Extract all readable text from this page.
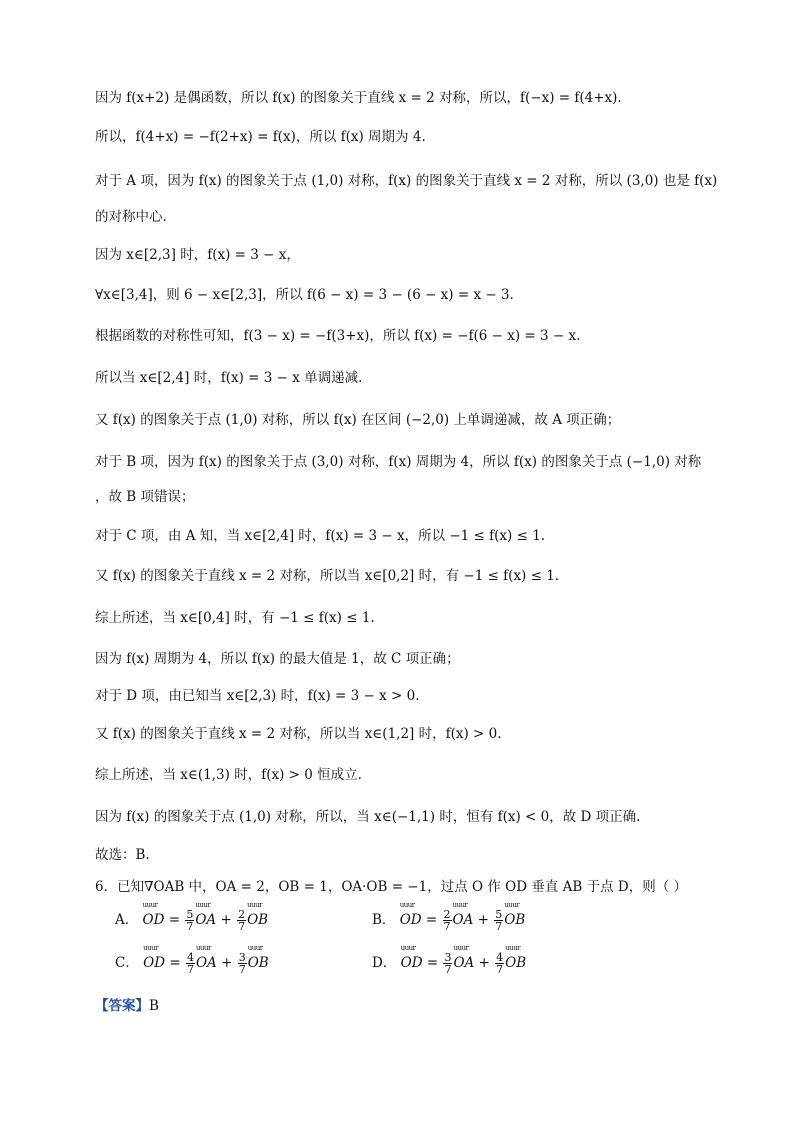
因为 f(x+2) 是偶函数，所以 f(x) 的图象关于直线 x = 2 对称，所以，f(−x) = f(4+x).
所以，f(4+x) = −f(2+x) = f(x)，所以 f(x) 周期为 4.
对于 A 项，因为 f(x) 的图象关于点 (1,0) 对称，f(x) 的图象关于直线 x = 2 对称，所以 (3,0) 也是 f(x)
的对称中心.
因为 x∈[2,3] 时，f(x) = 3 − x，
∀x∈[3,4]，则 6 − x∈[2,3]，所以 f(6 − x) = 3 − (6 − x) = x − 3.
根据函数的对称性可知，f(3 − x) = −f(3+x)，所以 f(x) = −f(6 − x) = 3 − x.
所以当 x∈[2,4] 时，f(x) = 3 − x 单调递减.
又 f(x) 的图象关于点 (1,0) 对称，所以 f(x) 在区间 (−2,0) 上单调递减，故 A 项正确；
对于 B 项，因为 f(x) 的图象关于点 (3,0) 对称，f(x) 周期为 4，所以 f(x) 的图象关于点 (−1,0) 对称
，故 B 项错误；
对于 C 项，由 A 知，当 x∈[2,4] 时，f(x) = 3 − x，所以 −1 ≤ f(x) ≤ 1.
又 f(x) 的图象关于直线 x = 2 对称，所以当 x∈[0,2] 时，有 −1 ≤ f(x) ≤ 1.
综上所述，当 x∈[0,4] 时，有 −1 ≤ f(x) ≤ 1.
因为 f(x) 周期为 4，所以 f(x) 的最大值是 1，故 C 项正确；
对于 D 项，由已知当 x∈[2,3) 时，f(x) = 3 − x > 0.
又 f(x) 的图象关于直线 x = 2 对称，所以当 x∈(1,2] 时，f(x) > 0.
综上所述，当 x∈(1,3) 时，f(x) > 0 恒成立.
因为 f(x) 的图象关于点 (1,0) 对称，所以，当 x∈(−1,1) 时，恒有 f(x) < 0，故 D 项正确.
故选：B.
6．已知∇OAB 中，OA = 2，OB = 1，OA·OB = −1，过点 O 作 OD 垂直 AB 于点 D，则（ ）
A． uuur OD = $\frac{5}{7}$ uuur OA + $\frac{2}{7}$ uuur OB	B． uuur OD = $\frac{2}{7}$ uuur OA + $\frac{5}{7}$ uuur OB
C． uuur OD = $\frac{4}{7}$ uuur OA + $\frac{3}{7}$ uuur OB	D． uuur OD = $\frac{3}{7}$ uuur OA + $\frac{4}{7}$ uuur OB
【答案】B
